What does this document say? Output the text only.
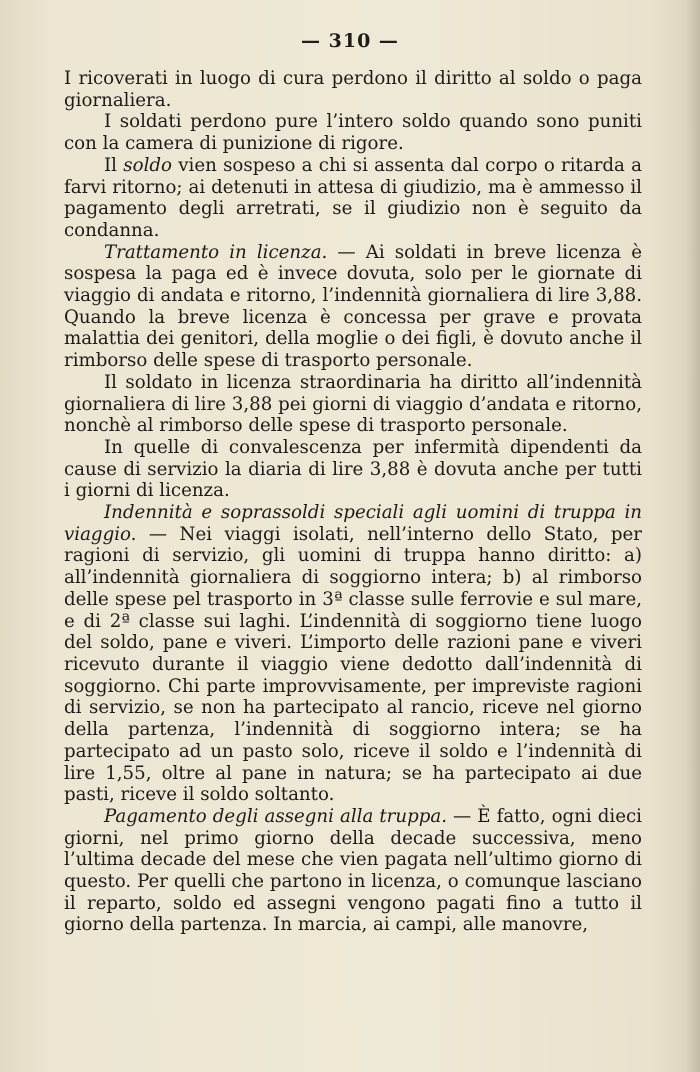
— 310 —

I ricoverati in luogo di cura perdono il diritto al soldo o paga giornaliera.

I soldati perdono pure l’intero soldo quando sono puniti con la camera di punizione di rigore.

Il soldo vien sospeso a chi si assenta dal corpo o ritarda a farvi ritorno; ai detenuti in attesa di giudizio, ma è ammesso il pagamento degli arretrati, se il giudizio non è seguito da condanna.

Trattamento in licenza. — Ai soldati in breve licenza è sospesa la paga ed è invece dovuta, solo per le giornate di viaggio di andata e ritorno, l’indennità giornaliera di lire 3,88. Quando la breve licenza è concessa per grave e provata malattia dei genitori, della moglie o dei figli, è dovuto anche il rimborso delle spese di trasporto personale.

Il soldato in licenza straordinaria ha diritto all’indennità giornaliera di lire 3,88 pei giorni di viaggio d’andata e ritorno, nonchè al rimborso delle spese di trasporto personale.

In quelle di convalescenza per infermità dipendenti da cause di servizio la diaria di lire 3,88 è dovuta anche per tutti i giorni di licenza.

Indennità e soprassoldi speciali agli uomini di truppa in viaggio. — Nei viaggi isolati, nell’interno dello Stato, per ragioni di servizio, gli uomini di truppa hanno diritto: a) all’indennità giornaliera di soggiorno intera; b) al rimborso delle spese pel trasporto in 3ª classe sulle ferrovie e sul mare, e di 2ª classe sui laghi. L’indennità di soggiorno tiene luogo del soldo, pane e viveri. L’importo delle razioni pane e viveri ricevuto durante il viaggio viene dedotto dall’indennità di soggiorno. Chi parte improvvisamente, per impreviste ragioni di servizio, se non ha partecipato al rancio, riceve nel giorno della partenza, l’indennità di soggiorno intera; se ha partecipato ad un pasto solo, riceve il soldo e l’indennità di lire 1,55, oltre al pane in natura; se ha partecipato ai due pasti, riceve il soldo soltanto.

Pagamento degli assegni alla truppa. — È fatto, ogni dieci giorni, nel primo giorno della decade successiva, meno l’ultima decade del mese che vien pagata nell’ultimo giorno di questo. Per quelli che partono in licenza, o comunque lasciano il reparto, soldo ed assegni vengono pagati fino a tutto il giorno della partenza. In marcia, ai campi, alle manovre,
